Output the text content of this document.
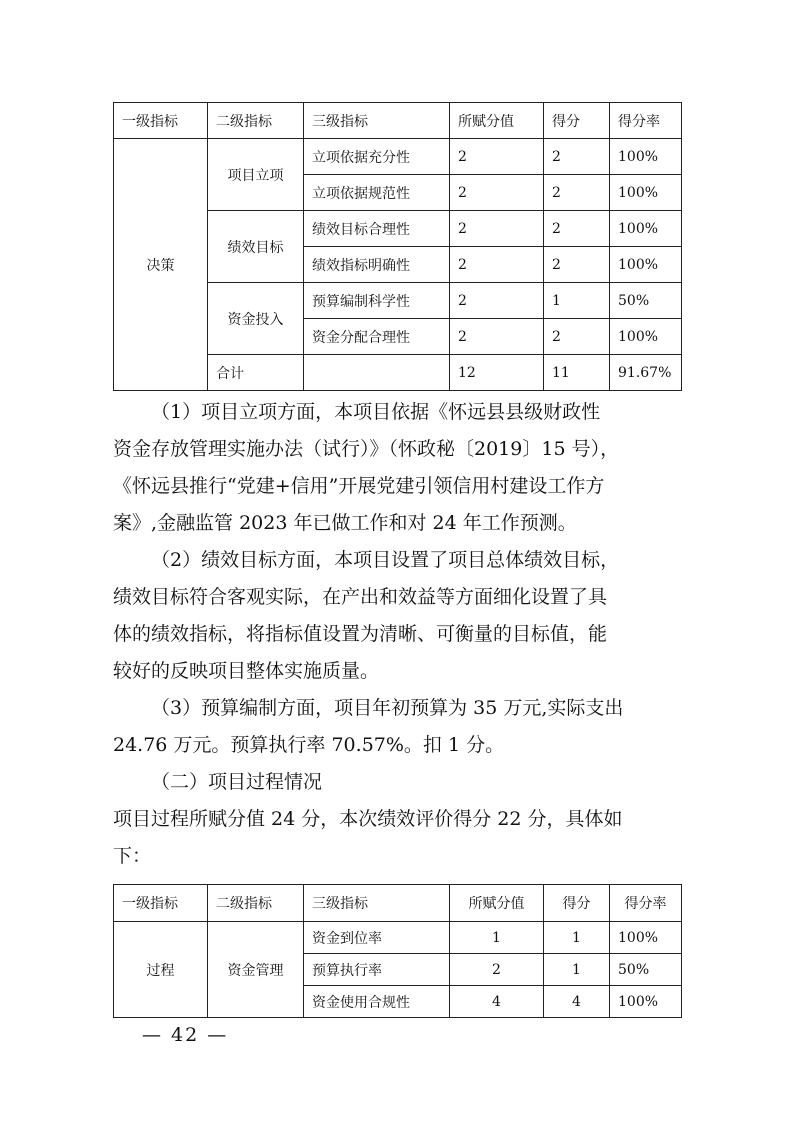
一级指标	二级指标	三级指标	所赋分值	得分	得分率
决策	项目立项	立项依据充分性	2	2	100%
		立项依据规范性	2	2	100%
	绩效目标	绩效目标合理性	2	2	100%
		绩效指标明确性	2	2	100%
	资金投入	预算编制科学性	2	1	50%
		资金分配合理性	2	2	100%
	合计		12	11	91.67%
（1）项目立项方面，本项目依据《怀远县县级财政性
资金存放管理实施办法（试行）》（怀政秘〔2019〕15 号），
《怀远县推行“党建+信用”开展党建引领信用村建设工作方
案》,金融监管 2023 年已做工作和对 24 年工作预测。
（2）绩效目标方面，本项目设置了项目总体绩效目标，
绩效目标符合客观实际，在产出和效益等方面细化设置了具
体的绩效指标，将指标值设置为清晰、可衡量的目标值，能
较好的反映项目整体实施质量。
（3）预算编制方面，项目年初预算为 35 万元,实际支出
24.76 万元。预算执行率 70.57%。扣 1 分。
（二）项目过程情况
项目过程所赋分值 24 分，本次绩效评价得分 22 分，具体如
下：
一级指标	二级指标	三级指标	所赋分值	得分	得分率
过程	资金管理	资金到位率	1	1	100%
		预算执行率	2	1	50%
		资金使用合规性	4	4	100%
— 42 —
